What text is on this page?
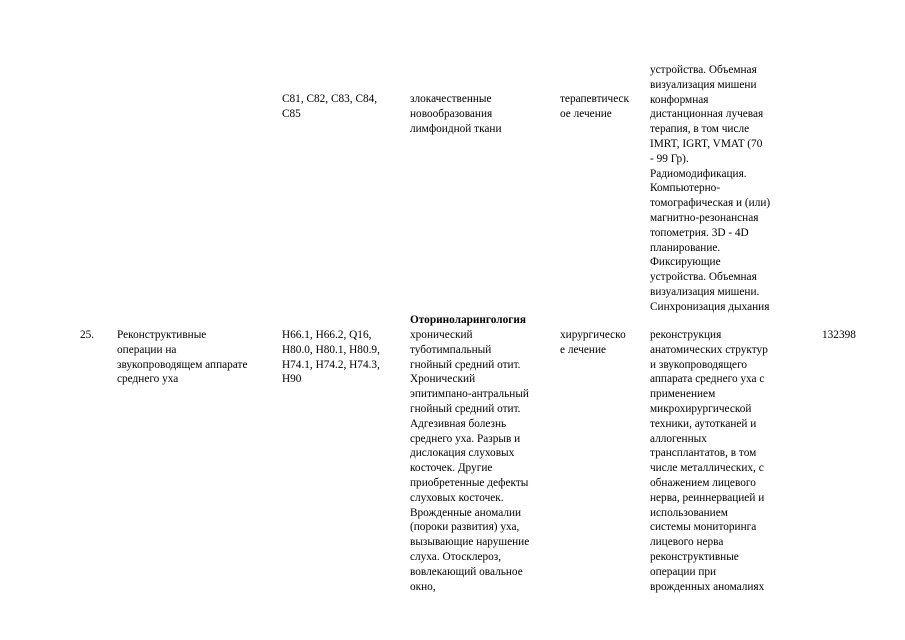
C81, C82, C83, C84,
C85
злокачественные
новообразования
лимфоидной ткани
терапевтическ
ое лечение
устройства. Объемная
визуализация мишени
конформная
дистанционная лучевая
терапия, в том числе
IMRT, IGRT, VMAT (70
- 99 Гр).
Радиомодификация.
Компьютерно-
томографическая и (или)
магнитно-резонансная
топометрия. 3D - 4D
планирование.
Фиксирующие
устройства. Объемная
визуализация мишени.
Синхронизация дыхания
Оториноларингология
25. Реконструктивные
операции на
звукопроводящем аппарате
среднего уха
H66.1, H66.2, Q16,
H80.0, H80.1, H80.9,
H74.1, H74.2, H74.3,
H90
хронический
туботимпальный
гнойный средний отит.
Хронический
эпитимпано-антральный
гнойный средний отит.
Адгезивная болезнь
среднего уха. Разрыв и
дислокация слуховых
косточек. Другие
приобретенные дефекты
слуховых косточек.
Врожденные аномалии
(пороки развития) уха,
вызывающие нарушение
слуха. Отосклероз,
вовлекающий овальное
окно,
хирургическо
е лечение
реконструкция
анатомических структур
и звукопроводящего
аппарата среднего уха с
применением
микрохирургической
техники, аутотканей и
аллогенных
трансплантатов, в том
числе металлических, с
обнажением лицевого
нерва, реиннервацией и
использованием
системы мониторинга
лицевого нерва
реконструктивные
операции при
врожденных аномалиях
132398
